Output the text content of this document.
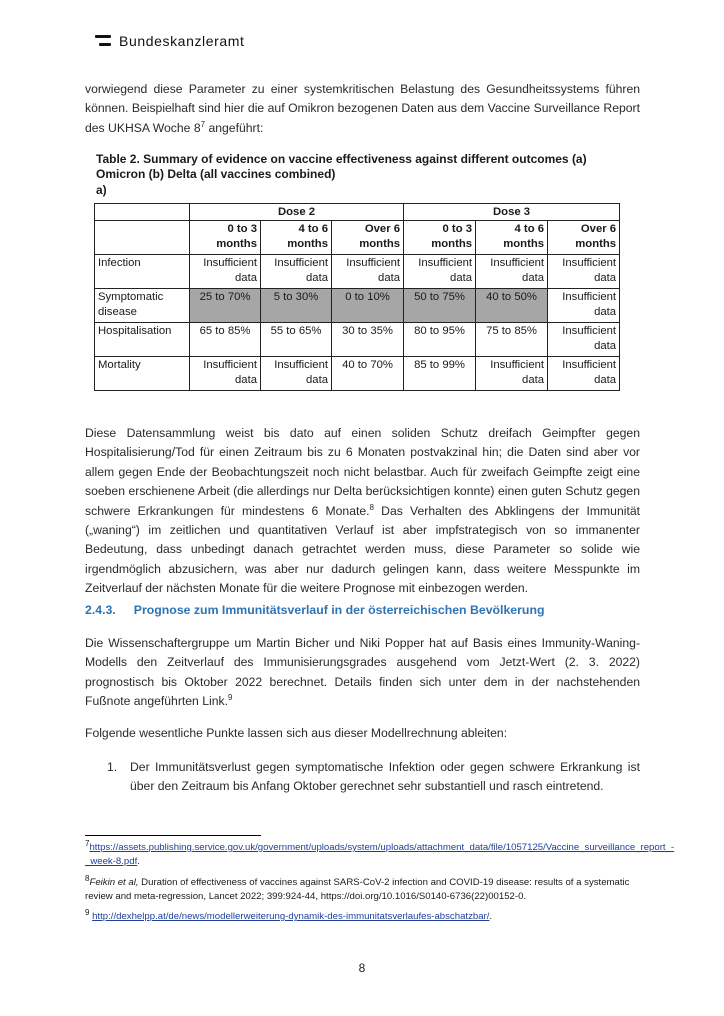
Bundeskanzleramt
vorwiegend diese Parameter zu einer systemkritischen Belastung des Gesundheitssystems führen können. Beispielhaft sind hier die auf Omikron bezogenen Daten aus dem Vaccine Surveillance Report des UKHSA Woche $8^7$ angeführt:
Table 2. Summary of evidence on vaccine effectiveness against different outcomes (a) Omicron (b) Delta (all vaccines combined)
a)
	Dose 2			Dose 3		
	0 to 3 months	4 to 6 months	Over 6 months	0 to 3 months	4 to 6 months	Over 6 months
Infection	Insufficient data	Insufficient data	Insufficient data	Insufficient data	Insufficient data	Insufficient data
Symptomatic disease	25 to 70%	5 to 30%	0 to 10%	50 to 75%	40 to 50%	Insufficient data
Hospitalisation	65 to 85%	55 to 65%	30 to 35%	80 to 95%	75 to 85%	Insufficient data
Mortality	Insufficient data	Insufficient data	40 to 70%	85 to 99%	Insufficient data	Insufficient data
Diese Datensammlung weist bis dato auf einen soliden Schutz dreifach Geimpfter gegen Hospitalisierung/Tod für einen Zeitraum bis zu 6 Monaten postvakzinal hin; die Daten sind aber vor allem gegen Ende der Beobachtungszeit noch nicht belastbar. Auch für zweifach Geimpfte zeigt eine soeben erschienene Arbeit (die allerdings nur Delta berücksichtigen konnte) einen guten Schutz gegen schwere Erkrankungen für mindestens 6 Monate.$^8$ Das Verhalten des Abklingens der Immunität („waning“) im zeitlichen und quantitativen Verlauf ist aber impfstrategisch von so immanenter Bedeutung, dass unbedingt danach getrachtet werden muss, diese Parameter so solide wie irgendmöglich abzusichern, was aber nur dadurch gelingen kann, dass weitere Messpunkte im Zeitverlauf der nächsten Monate für die weitere Prognose mit einbezogen werden.
2.4.3. Prognose zum Immunitätsverlauf in der österreichischen Bevölkerung
Die Wissenschaftergruppe um Martin Bicher und Niki Popper hat auf Basis eines Immunity-Waning-Modells den Zeitverlauf des Immunisierungsgrades ausgehend vom Jetzt-Wert (2. 3. 2022) prognostisch bis Oktober 2022 berechnet. Details finden sich unter dem in der nachstehenden Fußnote angeführten Link.$^9$
Folgende wesentliche Punkte lassen sich aus dieser Modellrechnung ableiten:
1.	Der Immunitätsverlust gegen symptomatische Infektion oder gegen schwere Erkrankung ist über den Zeitraum bis Anfang Oktober gerechnet sehr substantiell und rasch eintretend.
$^7$https://assets.publishing.service.gov.uk/government/uploads/system/uploads/attachment_data/file/1057125/Vaccine_surveillance_report_-_week-8.pdf.
$^8$Feikin et al, Duration of effectiveness of vaccines against SARS-CoV-2 infection and COVID-19 disease: results of a systematic review and meta-regression, Lancet 2022; 399:924-44, https://doi.org/10.1016/S0140-6736(22)00152-0.
$^9$ http://dexhelpp.at/de/news/modellerweiterung-dynamik-des-immunitatsverlaufes-abschatzbar/.
8
